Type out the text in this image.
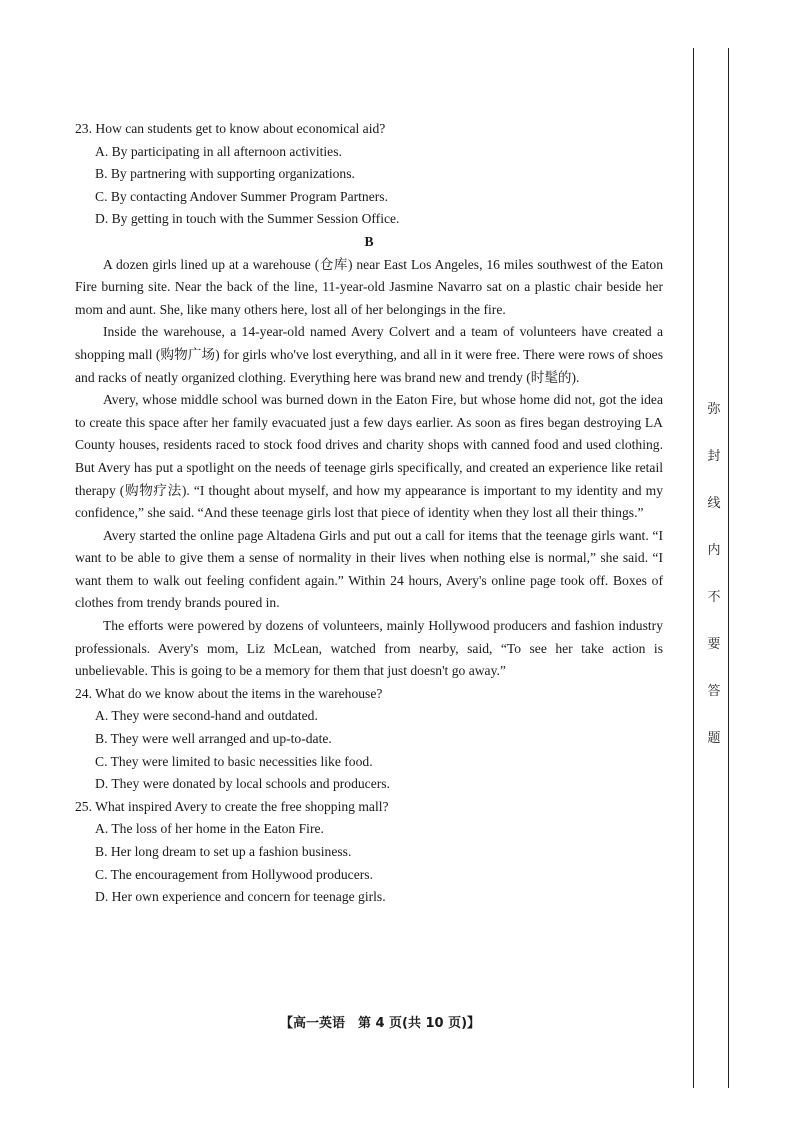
23. How can students get to know about economical aid?

A. By participating in all afternoon activities.

B. By partnering with supporting organizations.

C. By contacting Andover Summer Program Partners.

D. By getting in touch with the Summer Session Office.

B

A dozen girls lined up at a warehouse (仓库) near East Los Angeles, 16 miles southwest of the Eaton Fire burning site. Near the back of the line, 11-year-old Jasmine Navarro sat on a plastic chair beside her mom and aunt. She, like many others here, lost all of her belongings in the fire.

Inside the warehouse, a 14-year-old named Avery Colvert and a team of volunteers have created a shopping mall (购物广场) for girls who've lost everything, and all in it were free. There were rows of shoes and racks of neatly organized clothing. Everything here was brand new and trendy (时髦的).

Avery, whose middle school was burned down in the Eaton Fire, but whose home did not, got the idea to create this space after her family evacuated just a few days earlier. As soon as fires began destroying LA County houses, residents raced to stock food drives and charity shops with canned food and used clothing. But Avery has put a spotlight on the needs of teenage girls specifically, and created an experience like retail therapy (购物疗法). “I thought about myself, and how my appearance is important to my identity and my confidence,” she said. “And these teenage girls lost that piece of identity when they lost all their things.”

Avery started the online page Altadena Girls and put out a call for items that the teenage girls want. “I want to be able to give them a sense of normality in their lives when nothing else is normal,” she said. “I want them to walk out feeling confident again.” Within 24 hours, Avery's online page took off. Boxes of clothes from trendy brands poured in.

The efforts were powered by dozens of volunteers, mainly Hollywood producers and fashion industry professionals. Avery's mom, Liz McLean, watched from nearby, said, “To see her take action is unbelievable. This is going to be a memory for them that just doesn't go away.”

24. What do we know about the items in the warehouse?

A. They were second-hand and outdated.

B. They were well arranged and up-to-date.

C. They were limited to basic necessities like food.

D. They were donated by local schools and producers.

25. What inspired Avery to create the free shopping mall?

A. The loss of her home in the Eaton Fire.

B. Her long dream to set up a fashion business.

C. The encouragement from Hollywood producers.

D. Her own experience and concern for teenage girls.

【高一英语　第 4 页(共 10 页)】
弥
封
线
内
不
要
答
题
